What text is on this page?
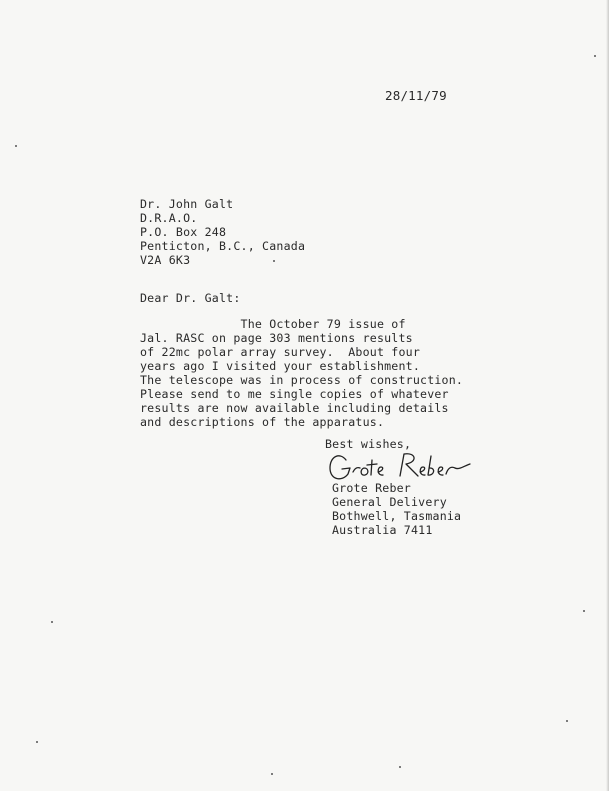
28/11/79
Dr. John Galt
D.R.A.O.
P.O. Box 248
Penticton, B.C., Canada
V2A 6K3
Dear Dr. Galt:
The October 79 issue of
Jal. RASC on page 303 mentions results
of 22mc polar array survey.  About four
years ago I visited your establishment.
The telescope was in process of construction.
Please send to me single copies of whatever
results are now available including details
and descriptions of the apparatus.
Best wishes,
Grote Reber
General Delivery
Bothwell, Tasmania
Australia 7411
